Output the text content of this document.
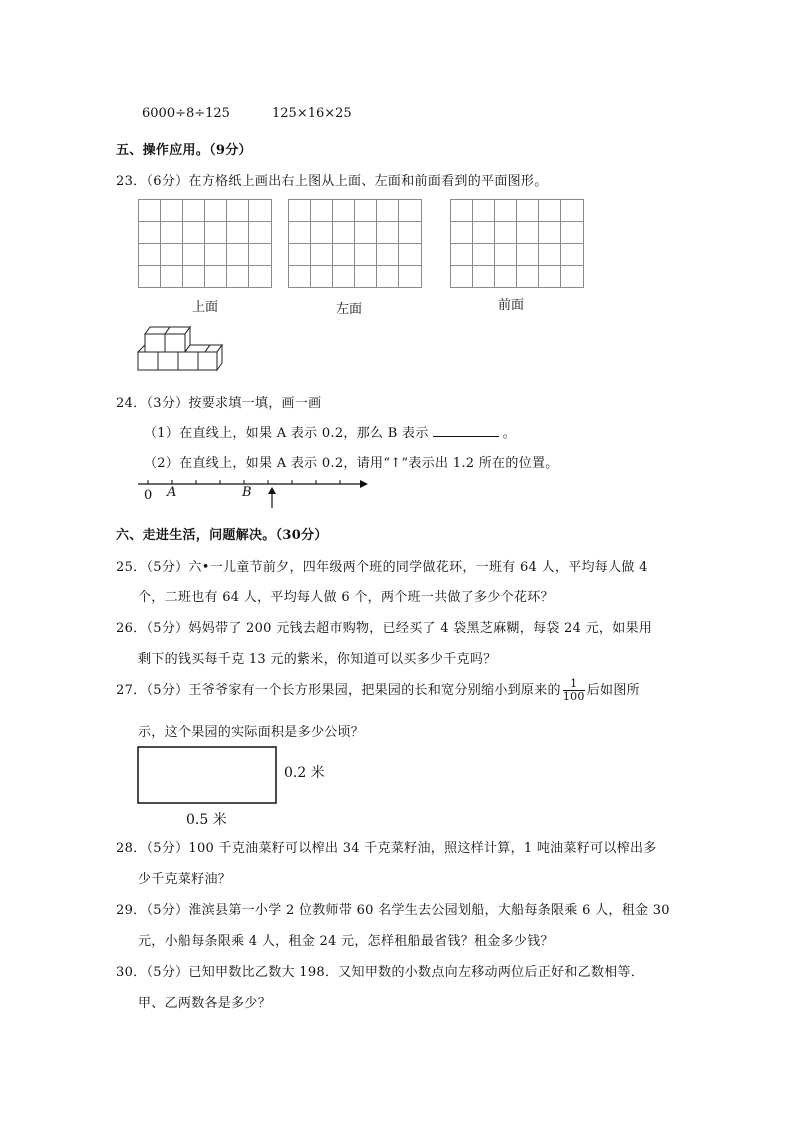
6000÷8÷125	125×16×25
五、操作应用。（9分）
23．（6分）在方格纸上画出右上图从上面、左面和前面看到的平面图形。
上面	左面	前面
24．（3分）按要求填一填，画一画
（1）在直线上，如果 A 表示 0.2，那么 B 表示	。
（2）在直线上，如果 A 表示 0.2，请用“↑”表示出 1.2 所在的位置。
0 A	B
六、走进生活，问题解决。（30分）
25．（5分）六•一儿童节前夕，四年级两个班的同学做花环，一班有 64 人，平均每人做 4
个，二班也有 64 人，平均每人做 6 个，两个班一共做了多少个花环？
26．（5分）妈妈带了 200 元钱去超市购物，已经买了 4 袋黑芝麻糊，每袋 24 元，如果用
剩下的钱买每千克 13 元的紫米，你知道可以买多少千克吗？
27．（5分）王爷爷家有一个长方形果园，把果园的长和宽分别缩小到原来的 $\frac{1}{100}$ 后如图所
示，这个果园的实际面积是多少公顷？
0.2 米
0.5 米
28．（5分）100 千克油菜籽可以榨出 34 千克菜籽油，照这样计算，1 吨油菜籽可以榨出多
少千克菜籽油？
29．（5分）淮滨县第一小学 2 位教师带 60 名学生去公园划船，大船每条限乘 6 人，租金 30
元，小船每条限乘 4 人，租金 24 元，怎样租船最省钱？租金多少钱？
30．（5分）已知甲数比乙数大 198．又知甲数的小数点向左移动两位后正好和乙数相等．
甲、乙两数各是多少？
